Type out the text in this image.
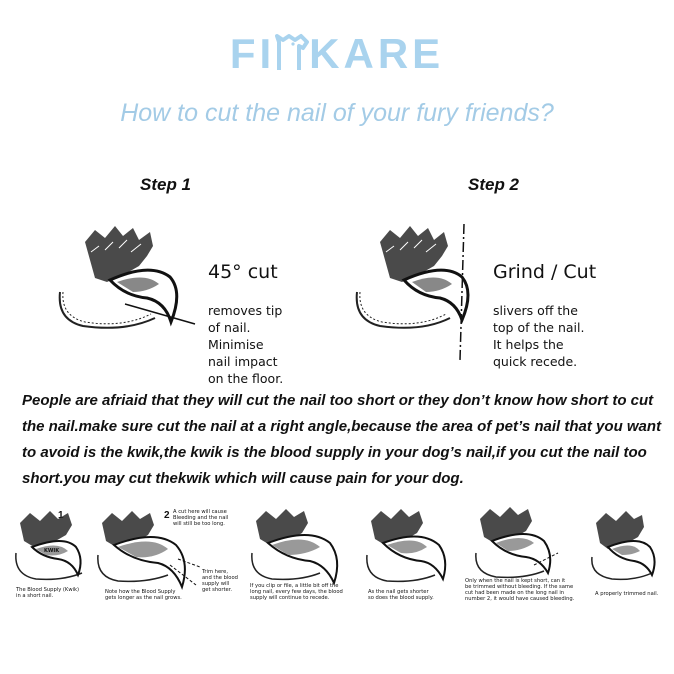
FI KARE
How to cut the nail of your fury friends?
Step 1

45° cut

removes tip
of nail.
Minimise
nail impact
on the floor.

Step 2

Grind / Cut

slivers off the
top of the nail.
It helps the
quick recede.

People are afriaid that they will cut the nail too short or they don’t know how short to cut the nail.make sure cut the nail at a right angle,because the area of pet’s nail that you want to avoid is the kwik,the kwik is the blood supply in your dog’s nail,if you cut the nail too short.you may cut thekwik which will cause pain for your dog.
1
KWIK
The Blood Supply (Kwik)
in a short nail.
2 A cut here will cause
Bleeding and the nail
will still be too long.
Trim here,
and the blood
supply will
get shorter.
Note how the Blood Supply
gets longer as the nail grows.
If you clip or file, a little bit off the
long nail, every few days, the blood
supply will continue to recede.
As the nail gets shorter
so does the blood supply.
Only when the nail is kept short, can it
be trimmed without bleeding. If the same
cut had been made on the long nail in
number 2, it would have caused bleeding.
A properly trimmed nail.
